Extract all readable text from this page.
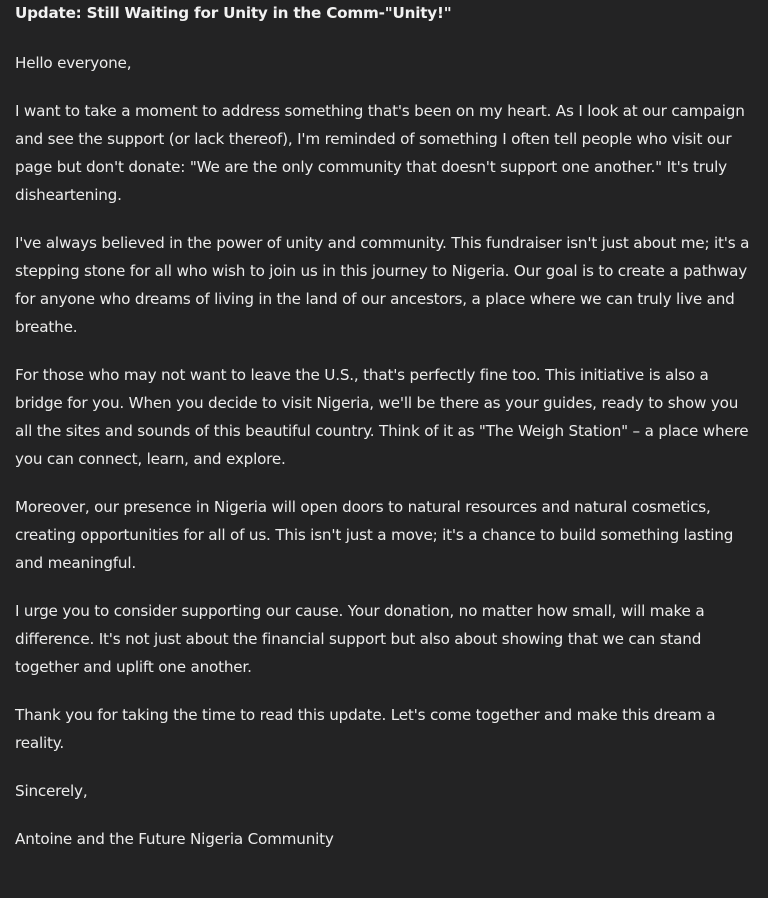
Update: Still Waiting for Unity in the Comm-"Unity!"
Hello everyone,
I want to take a moment to address something that's been on my heart. As I look at our campaign and see the support (or lack thereof), I'm reminded of something I often tell people who visit our page but don't donate: "We are the only community that doesn't support one another." It's truly disheartening.
I've always believed in the power of unity and community. This fundraiser isn't just about me; it's a stepping stone for all who wish to join us in this journey to Nigeria. Our goal is to create a pathway for anyone who dreams of living in the land of our ancestors, a place where we can truly live and breathe.
For those who may not want to leave the U.S., that's perfectly fine too. This initiative is also a bridge for you. When you decide to visit Nigeria, we'll be there as your guides, ready to show you all the sites and sounds of this beautiful country. Think of it as "The Weigh Station" – a place where you can connect, learn, and explore.
Moreover, our presence in Nigeria will open doors to natural resources and natural cosmetics, creating opportunities for all of us. This isn't just a move; it's a chance to build something lasting and meaningful.
I urge you to consider supporting our cause. Your donation, no matter how small, will make a difference. It's not just about the financial support but also about showing that we can stand together and uplift one another.
Thank you for taking the time to read this update. Let's come together and make this dream a reality.
Sincerely,
Antoine and the Future Nigeria Community
